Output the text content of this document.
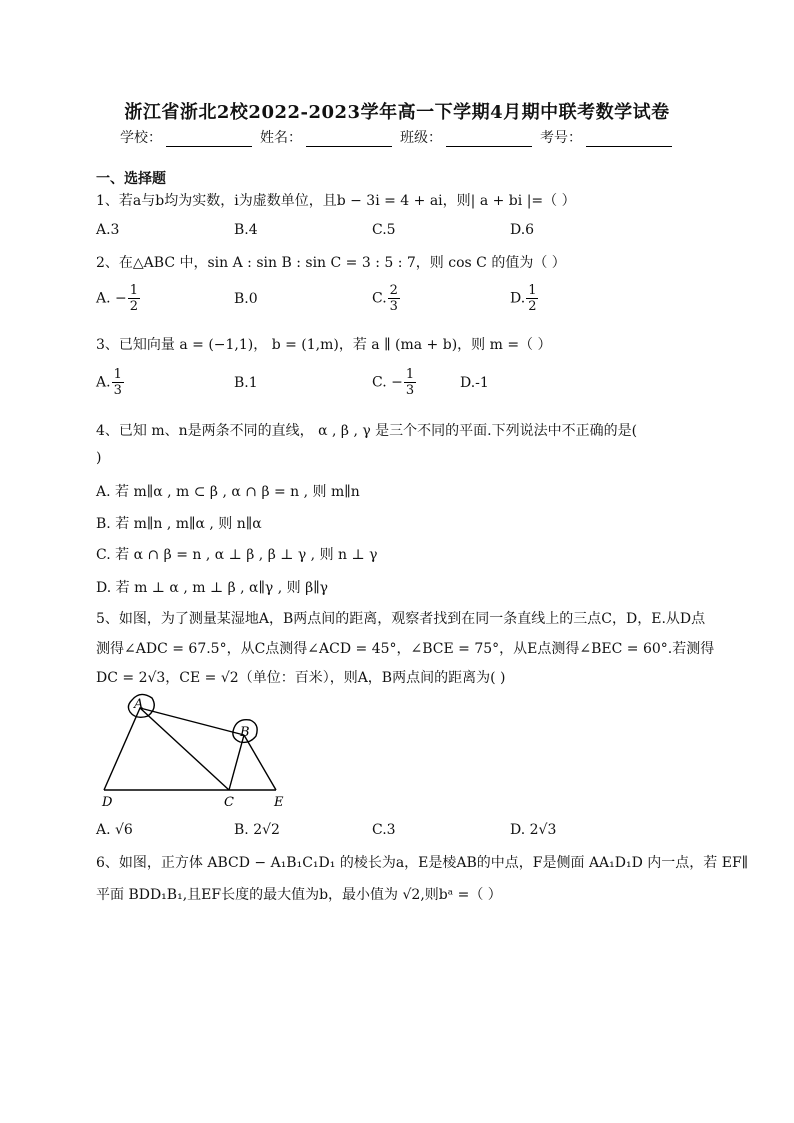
浙江省浙北2校2022-2023学年高一下学期4月期中联考数学试卷
学校：	姓名：	班级：	考号：
一、选择题
1、若a与b均为实数，i为虚数单位，且b − 3i = 4 + ai，则| a + bi |=（ ）
A.3	B.4	C.5	D.6
2、在△ABC 中，sin A : sin B : sin C = 3 : 5 : 7，则 cos C 的值为（ ）
A. − $\frac{1}{2}$	B.0	C. $\frac{2}{3}$	D. $\frac{1}{2}$
3、已知向量 a = (−1,1)， b = (1,m)，若 a ∥ (ma + b)，则 m =（ ）
A. $\frac{1}{3}$	B.1	C. − $\frac{1}{3}$	D.-1
4、已知 m、n是两条不同的直线， α , β , γ 是三个不同的平面.下列说法中不正确的是(
)
A. 若 m∥α , m ⊂ β , α ∩ β = n , 则 m∥n
B. 若 m∥n , m∥α , 则 n∥α
C. 若 α ∩ β = n , α ⊥ β , β ⊥ γ , 则 n ⊥ γ
D. 若 m ⊥ α , m ⊥ β , α∥γ , 则 β∥γ
5、如图，为了测量某湿地A，B两点间的距离，观察者找到在同一条直线上的三点C，D，E.从D点
测得∠ADC = 67.5°，从C点测得∠ACD = 45°，∠BCE = 75°，从E点测得∠BEC = 60°.若测得
DC = 2√3，CE = √2（单位：百米），则A，B两点间的距离为( )
A
B
C
D	E
A. √6	B. 2√2	C.3	D. 2√3
6、如图，正方体 ABCD − A₁B₁C₁D₁ 的棱长为a，E是棱AB的中点，F是侧面 AA₁D₁D 内一点，若 EF∥
平面 BDD₁B₁,且EF长度的最大值为b，最小值为 √2,则bᵃ =（ ）
